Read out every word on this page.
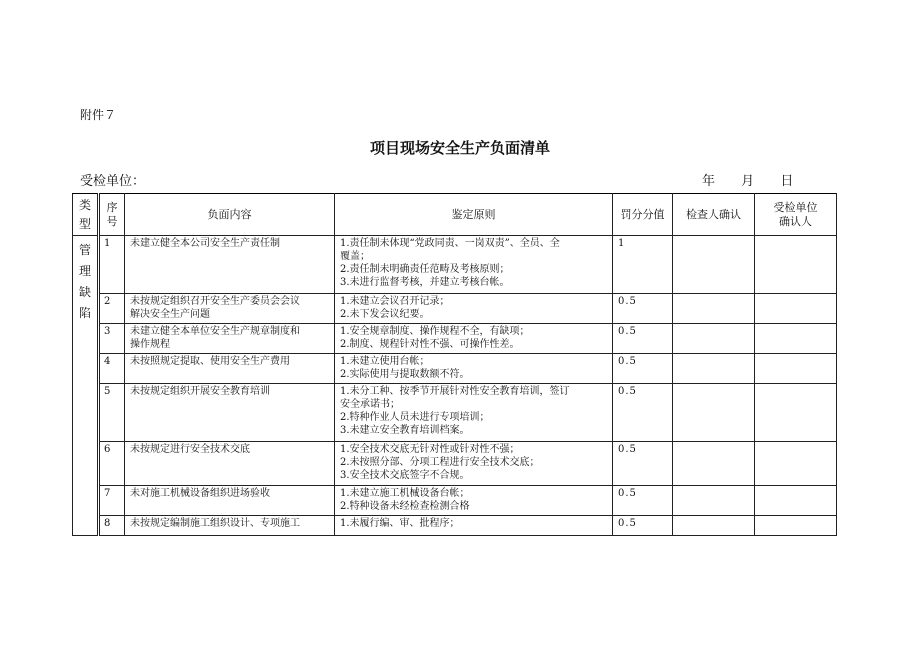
附件７
项目现场安全生产负面清单
受检单位：	年 月 日
类
型	序
号	负面内容	鉴定原则	罚分分值	检查人确认	受检单位
确认人

管
理
缺
陷	1	未建立健全本公司安全生产责任制	1.责任制未体现“党政同责、一岗双责”、全员、全
覆盖；
2.责任制未明确责任范畴及考核原则；
3.未进行监督考核，并建立考核台帐。	1		
	2	未按规定组织召开安全生产委员会会议
解决安全生产问题	1.未建立会议召开记录；
2.未下发会议纪要。	0.5		
	3	未建立健全本单位安全生产规章制度和
操作规程	1.安全规章制度、操作规程不全，有缺项；
2.制度、规程针对性不强、可操作性差。	0.5		
	4	未按照规定提取、使用安全生产费用	1.未建立使用台帐；
2.实际使用与提取数额不符。	0.5		
	5	未按规定组织开展安全教育培训	1.未分工种、按季节开展针对性安全教育培训，签订
安全承诺书；
2.特种作业人员未进行专项培训；
3.未建立安全教育培训档案。	0.5		
	6	未按规定进行安全技术交底	1.安全技术交底无针对性或针对性不强；
2.未按照分部、分项工程进行安全技术交底；
3.安全技术交底签字不合规。	0.5		
	7	未对施工机械设备组织进场验收	1.未建立施工机械设备台帐；
2.特种设备未经检查检测合格	0.5		
	8	未按规定编制施工组织设计、专项施工	1.未履行编、审、批程序；	0.5		
